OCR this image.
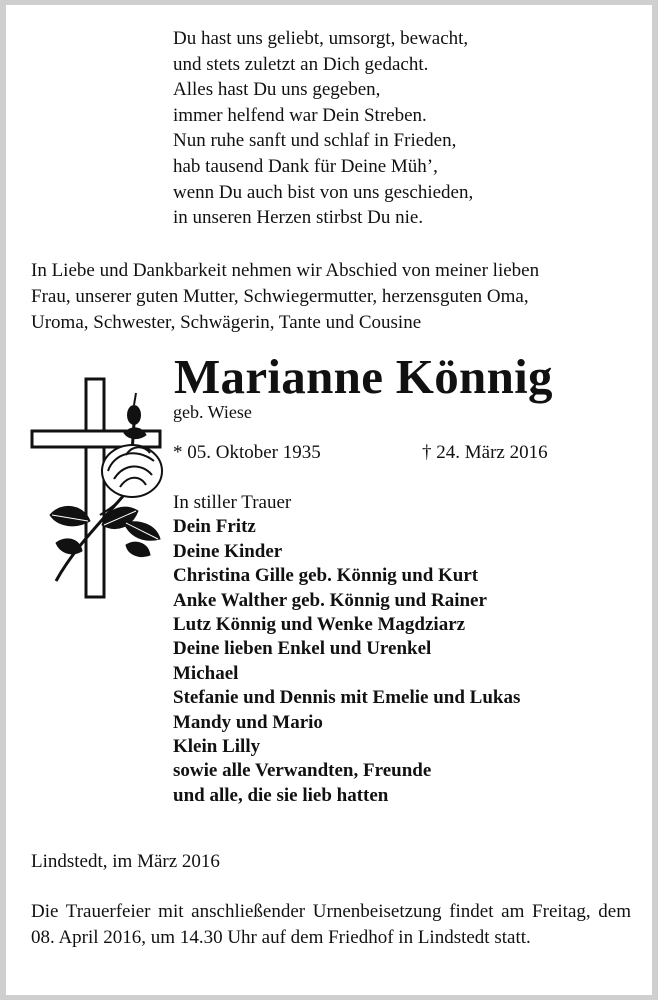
Du hast uns geliebt, umsorgt, bewacht,
und stets zuletzt an Dich gedacht.
Alles hast Du uns gegeben,
immer helfend war Dein Streben.
Nun ruhe sanft und schlaf in Frieden,
hab tausend Dank für Deine Müh’,
wenn Du auch bist von uns geschieden,
in unseren Herzen stirbst Du nie.
In Liebe und Dankbarkeit nehmen wir Abschied von meiner lieben
Frau, unserer guten Mutter, Schwiegermutter, herzensguten Oma,
Uroma, Schwester, Schwägerin, Tante und Cousine
Marianne Könnig
geb. Wiese
* 05. Oktober 1935	† 24. März 2016
In stiller Trauer
Dein Fritz
Deine Kinder
Christina Gille geb. Könnig und Kurt
Anke Walther geb. Könnig und Rainer
Lutz Könnig und Wenke Magdziarz
Deine lieben Enkel und Urenkel
Michael
Stefanie und Dennis mit Emelie und Lukas
Mandy und Mario
Klein Lilly
sowie alle Verwandten, Freunde
und alle, die sie lieb hatten
Lindstedt, im März 2016
Die Trauerfeier mit anschließender Urnenbeisetzung findet am Freitag, dem 08. April 2016, um 14.30 Uhr auf dem Friedhof in Lindstedt statt.
